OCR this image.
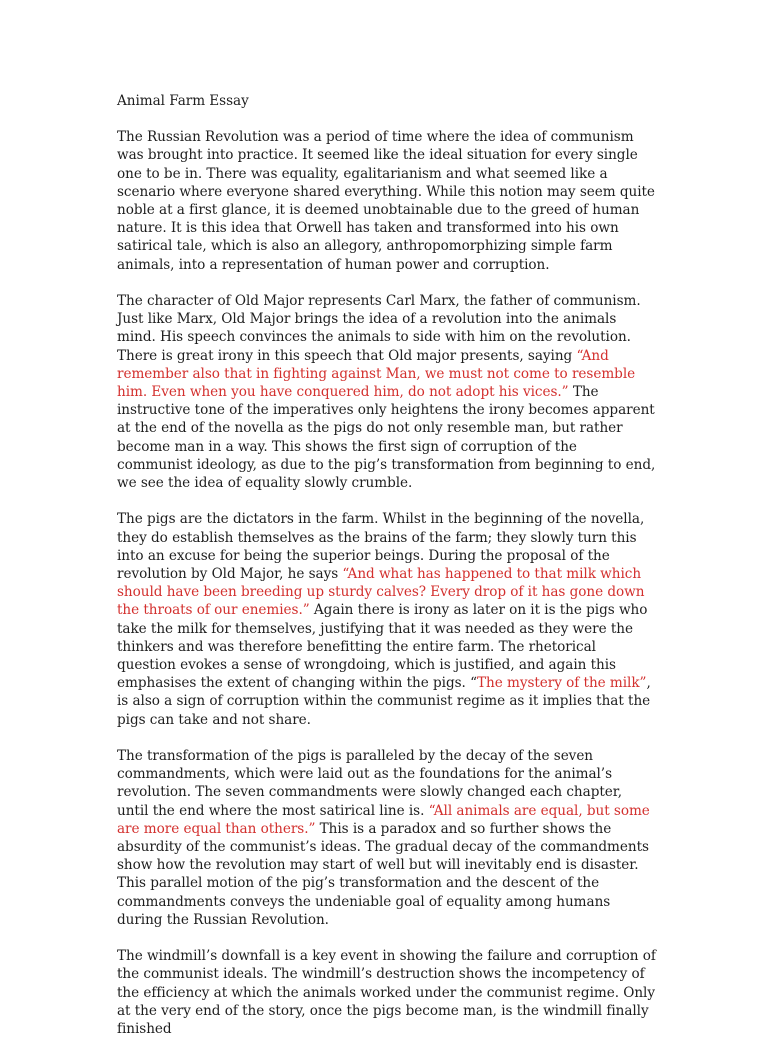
Animal Farm Essay

The Russian Revolution was a period of time where the idea of communism was brought into practice. It seemed like the ideal situation for every single one to be in. There was equality, egalitarianism and what seemed like a scenario where everyone shared everything. While this notion may seem quite noble at a first glance, it is deemed unobtainable due to the greed of human nature. It is this idea that Orwell has taken and transformed into his own satirical tale, which is also an allegory, anthropomorphizing simple farm animals, into a representation of human power and corruption.

The character of Old Major represents Carl Marx, the father of communism. Just like Marx, Old Major brings the idea of a revolution into the animals mind. His speech convinces the animals to side with him on the revolution. There is great irony in this speech that Old major presents, saying “And remember also that in fighting against Man, we must not come to resemble him. Even when you have conquered him, do not adopt his vices.” The instructive tone of the imperatives only heightens the irony becomes apparent at the end of the novella as the pigs do not only resemble man, but rather become man in a way. This shows the first sign of corruption of the communist ideology, as due to the pig’s transformation from beginning to end, we see the idea of equality slowly crumble.

The pigs are the dictators in the farm. Whilst in the beginning of the novella, they do establish themselves as the brains of the farm; they slowly turn this into an excuse for being the superior beings. During the proposal of the revolution by Old Major, he says “And what has happened to that milk which should have been breeding up sturdy calves? Every drop of it has gone down the throats of our enemies.” Again there is irony as later on it is the pigs who take the milk for themselves, justifying that it was needed as they were the thinkers and was therefore benefitting the entire farm. The rhetorical question evokes a sense of wrongdoing, which is justified, and again this emphasises the extent of changing within the pigs. “The mystery of the milk”, is also a sign of corruption within the communist regime as it implies that the pigs can take and not share.

The transformation of the pigs is paralleled by the decay of the seven commandments, which were laid out as the foundations for the animal’s revolution. The seven commandments were slowly changed each chapter, until the end where the most satirical line is. “All animals are equal, but some are more equal than others.” This is a paradox and so further shows the absurdity of the communist’s ideas. The gradual decay of the commandments show how the revolution may start of well but will inevitably end is disaster. This parallel motion of the pig’s transformation and the descent of the commandments conveys the undeniable goal of equality among humans during the Russian Revolution.

The windmill’s downfall is a key event in showing the failure and corruption of the communist ideals. The windmill’s destruction shows the incompetency of the efficiency at which the animals worked under the communist regime. Only at the very end of the story, once the pigs become man, is the windmill finally finished
